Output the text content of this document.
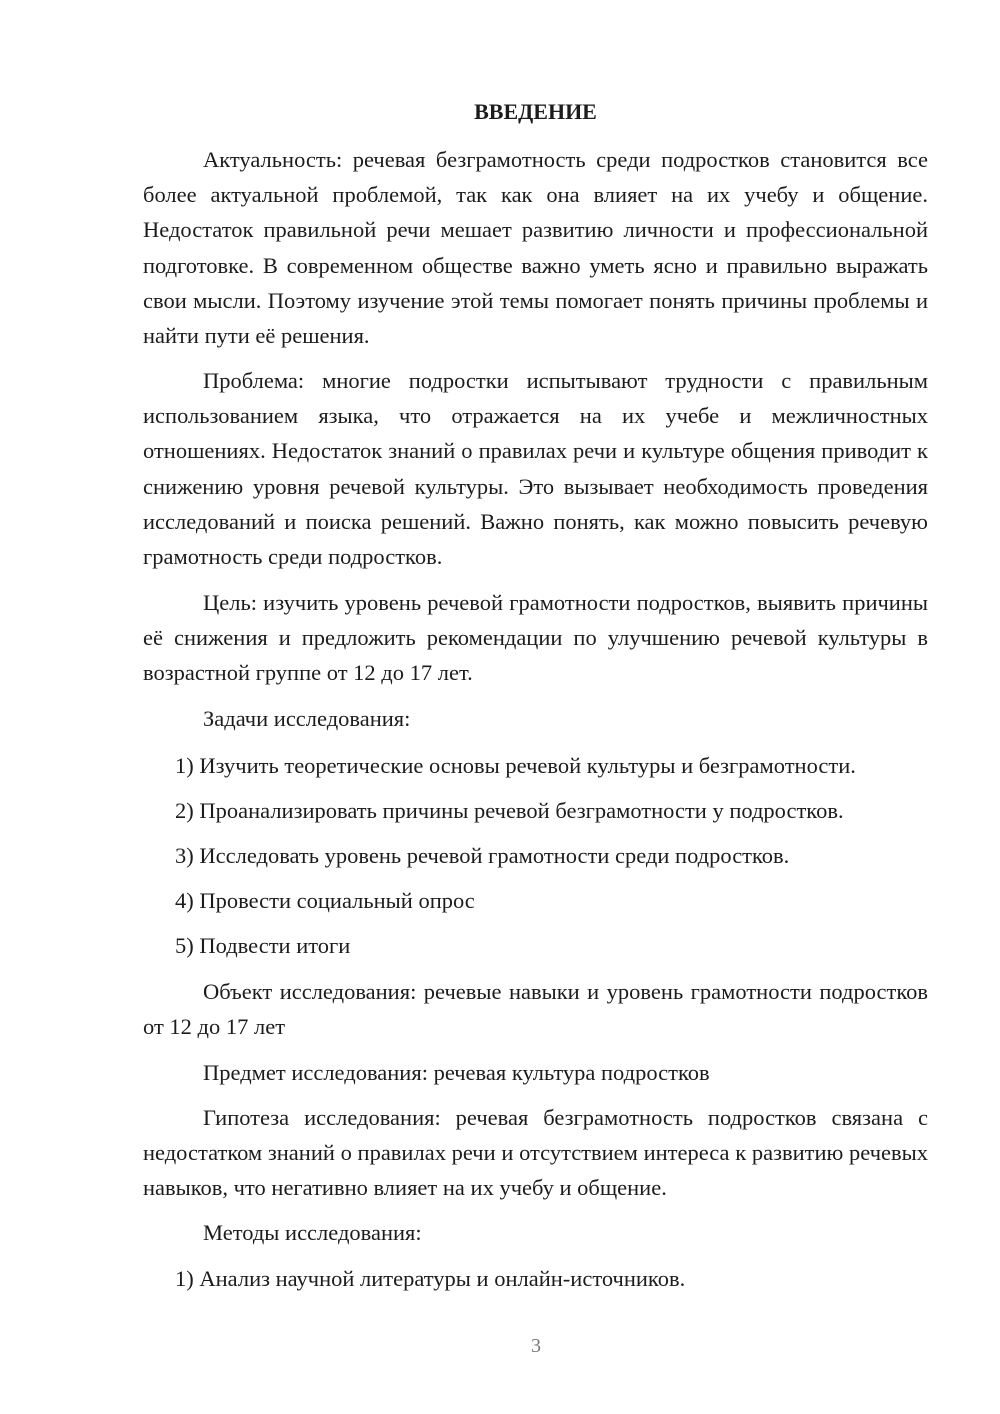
ВВЕДЕНИЕ

Актуальность: речевая безграмотность среди подростков становится все более актуальной проблемой, так как она влияет на их учебу и общение. Недостаток правильной речи мешает развитию личности и профессиональной подготовке. В современном обществе важно уметь ясно и правильно выражать свои мысли. Поэтому изучение этой темы помогает понять причины проблемы и найти пути её решения.

Проблема: многие подростки испытывают трудности с правильным использованием языка, что отражается на их учебе и межличностных отношениях. Недостаток знаний о правилах речи и культуре общения приводит к снижению уровня речевой культуры. Это вызывает необходимость проведения исследований и поиска решений. Важно понять, как можно повысить речевую грамотность среди подростков.

Цель: изучить уровень речевой грамотности подростков, выявить причины её снижения и предложить рекомендации по улучшению речевой культуры в возрастной группе от 12 до 17 лет.

Задачи исследования:

1) Изучить теоретические основы речевой культуры и безграмотности.

2) Проанализировать причины речевой безграмотности у подростков.

3) Исследовать уровень речевой грамотности среди подростков.

4) Провести социальный опрос

5) Подвести итоги

Объект исследования: речевые навыки и уровень грамотности подростков от 12 до 17 лет

Предмет исследования: речевая культура подростков

Гипотеза исследования: речевая безграмотность подростков связана с недостатком знаний о правилах речи и отсутствием интереса к развитию речевых навыков, что негативно влияет на их учебу и общение.

Методы исследования:

1) Анализ научной литературы и онлайн-источников.

3
